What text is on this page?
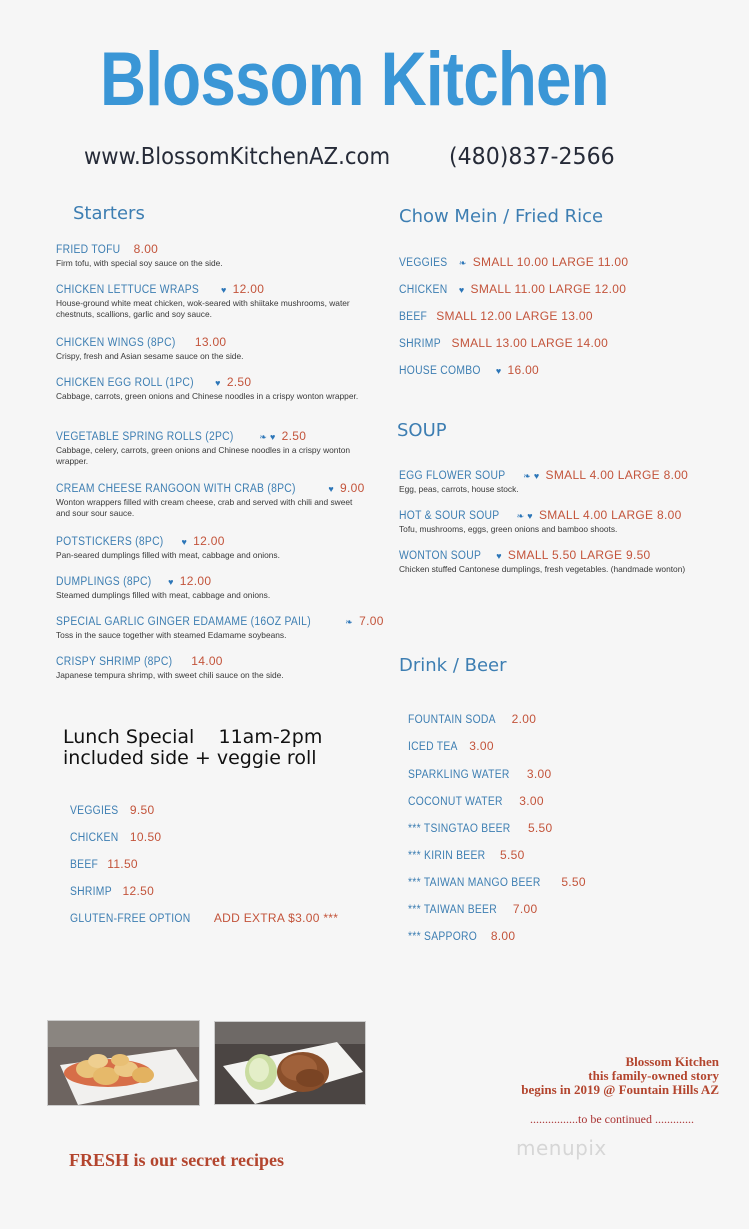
Blossom Kitchen
www.BlossomKitchenAZ.com	(480)837-2566
Starters
FRIED TOFU 8.00
Firm tofu, with special soy sauce on the side.
CHICKEN LETTUCE WRAPS ♥ 12.00
House-ground white meat chicken, wok-seared with shiitake mushrooms, water chestnuts, scallions, garlic and soy sauce.
CHICKEN WINGS (8PC) 13.00
Crispy, fresh and Asian sesame sauce on the side.
CHICKEN EGG ROLL (1PC) ♥ 2.50
Cabbage, carrots, green onions and Chinese noodles in a crispy wonton wrapper.
VEGETABLE SPRING ROLLS (2PC)	❧ ♥ 2.50
Cabbage, celery, carrots, green onions and Chinese noodles in a crispy wonton wrapper.
CREAM CHEESE RANGOON WITH CRAB (8PC)	♥ 9.00
Wonton wrappers filled with cream cheese, crab and served with chili and sweet and sour sour sauce.
POTSTICKERS (8PC) ♥ 12.00
Pan-seared dumplings filled with meat, cabbage and onions.
DUMPLINGS (8PC) ♥ 12.00
Steamed dumplings filled with meat, cabbage and onions.
SPECIAL GARLIC GINGER EDAMAME (16OZ PAIL)	❧ 7.00
Toss in the sauce together with steamed Edamame soybeans.
CRISPY SHRIMP (8PC) 14.00
Japanese tempura shrimp, with sweet chili sauce on the side.
Chow Mein / Fried Rice
VEGGIES ❧ SMALL 10.00 LARGE 11.00
CHICKEN ♥ SMALL 11.00 LARGE 12.00
BEEF SMALL 12.00 LARGE 13.00
SHRIMP SMALL 13.00 LARGE 14.00
HOUSE COMBO ♥ 16.00
SOUP
EGG FLOWER SOUP ❧ ♥ SMALL 4.00 LARGE 8.00
Egg, peas, carrots, house stock.
HOT & SOUR SOUP ❧ ♥ SMALL 4.00 LARGE 8.00
Tofu, mushrooms, eggs, green onions and bamboo shoots.
WONTON SOUP ♥ SMALL 5.50 LARGE 9.50
Chicken stuffed Cantonese dumplings, fresh vegetables. (handmade wonton)
Drink / Beer
FOUNTAIN SODA 2.00
ICED TEA 3.00
SPARKLING WATER 3.00
COCONUT WATER 3.00
*** TSINGTAO BEER 5.50
*** KIRIN BEER 5.50
*** TAIWAN MANGO BEER 5.50
*** TAIWAN BEER 7.00
*** SAPPORO 8.00
Lunch Special 11am-2pm
included side + veggie roll
VEGGIES 9.50
CHICKEN 10.50
BEEF 11.50
SHRIMP 12.50
GLUTEN-FREE OPTION ADD EXTRA $3.00 ***
Blossom Kitchen
this family-owned story
begins in 2019 @ Fountain Hills AZ
................to be continued .............
menupix
FRESH is our secret recipes
